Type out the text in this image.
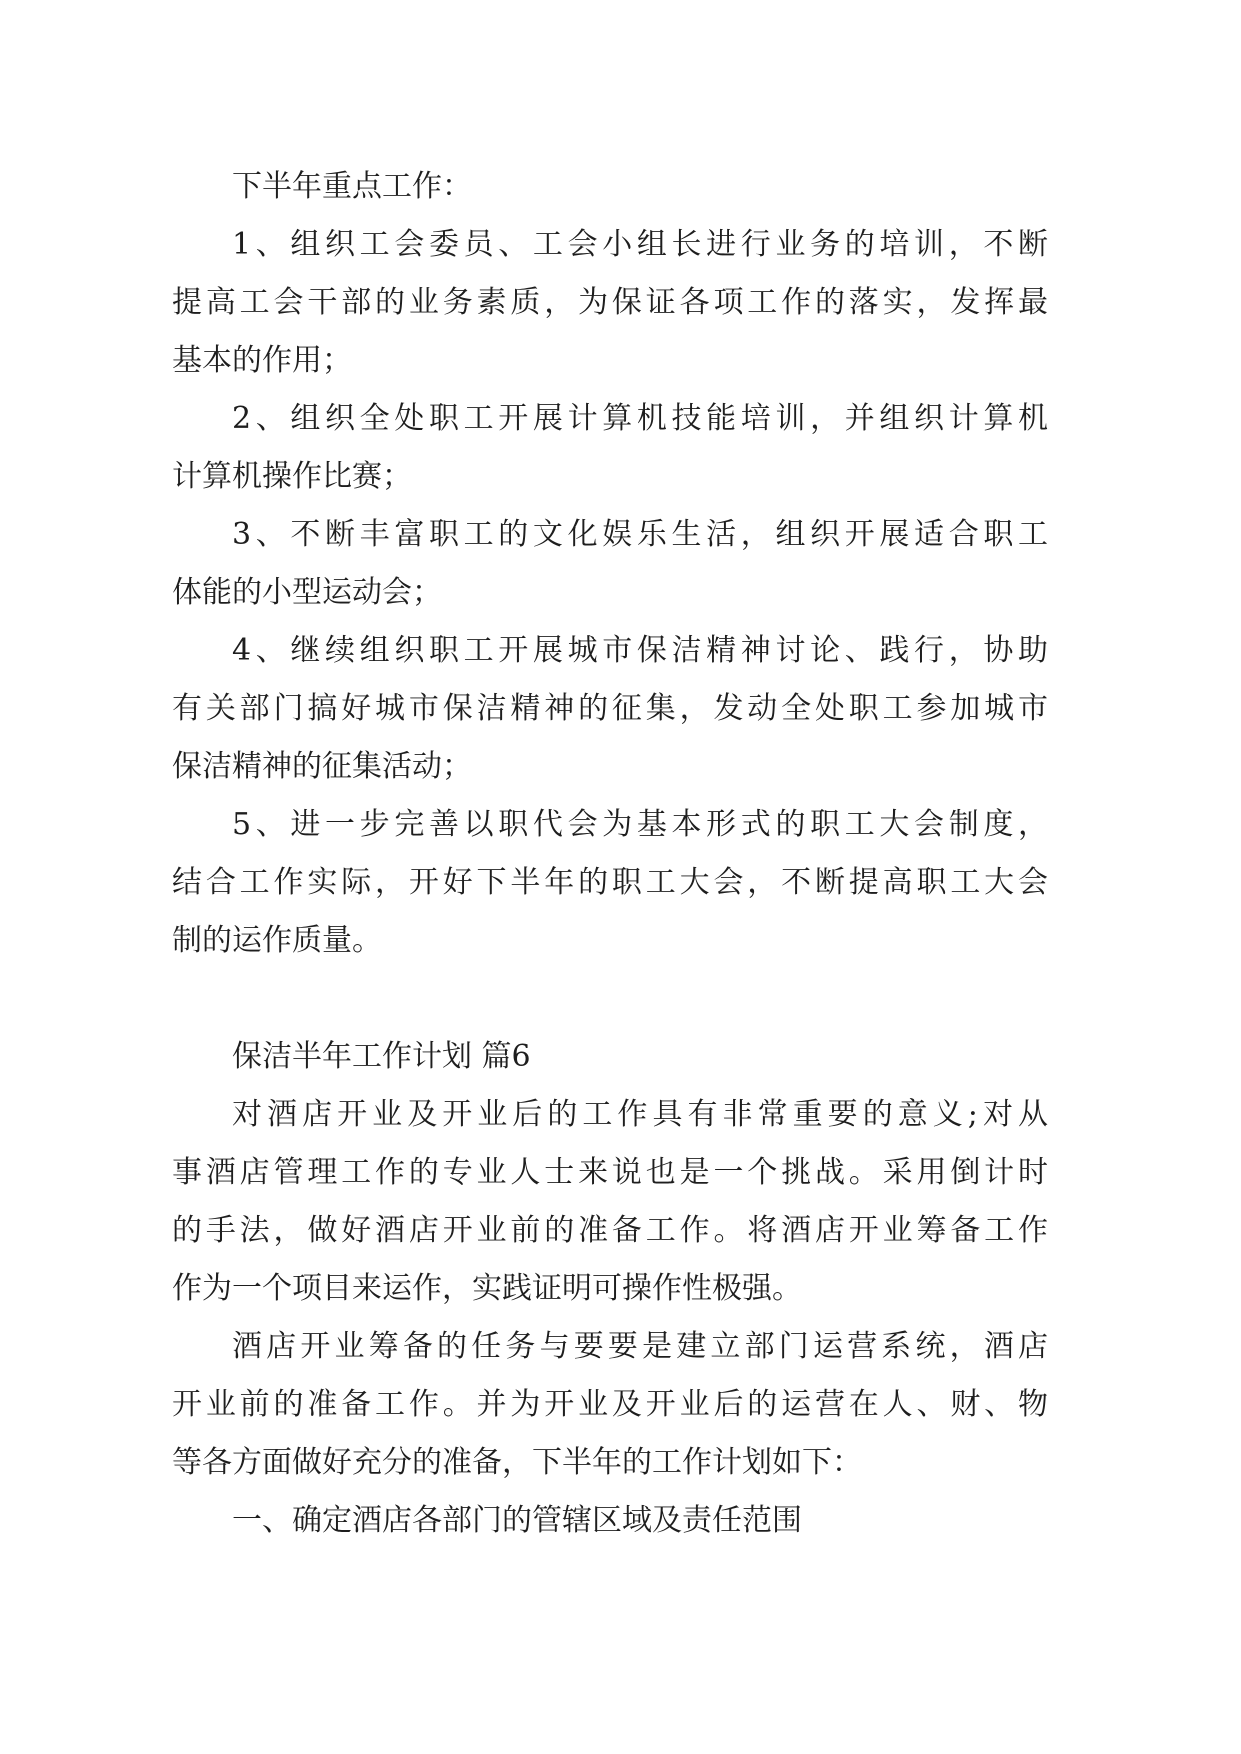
下半年重点工作：
1、组织工会委员、工会小组长进行业务的培训，不断
提高工会干部的业务素质，为保证各项工作的落实，发挥最
基本的作用；
2、组织全处职工开展计算机技能培训，并组织计算机
计算机操作比赛；
3、不断丰富职工的文化娱乐生活，组织开展适合职工
体能的小型运动会；
4、继续组织职工开展城市保洁精神讨论、践行，协助
有关部门搞好城市保洁精神的征集，发动全处职工参加城市
保洁精神的征集活动；
5、进一步完善以职代会为基本形式的职工大会制度，
结合工作实际，开好下半年的职工大会，不断提高职工大会
制的运作质量。
保洁半年工作计划 篇6
对酒店开业及开业后的工作具有非常重要的意义;对从
事酒店管理工作的专业人士来说也是一个挑战。采用倒计时
的手法，做好酒店开业前的准备工作。将酒店开业筹备工作
作为一个项目来运作，实践证明可操作性极强。
酒店开业筹备的任务与要要是建立部门运营系统，酒店
开业前的准备工作。并为开业及开业后的运营在人、财、物
等各方面做好充分的准备，下半年的工作计划如下：
一、确定酒店各部门的管辖区域及责任范围
